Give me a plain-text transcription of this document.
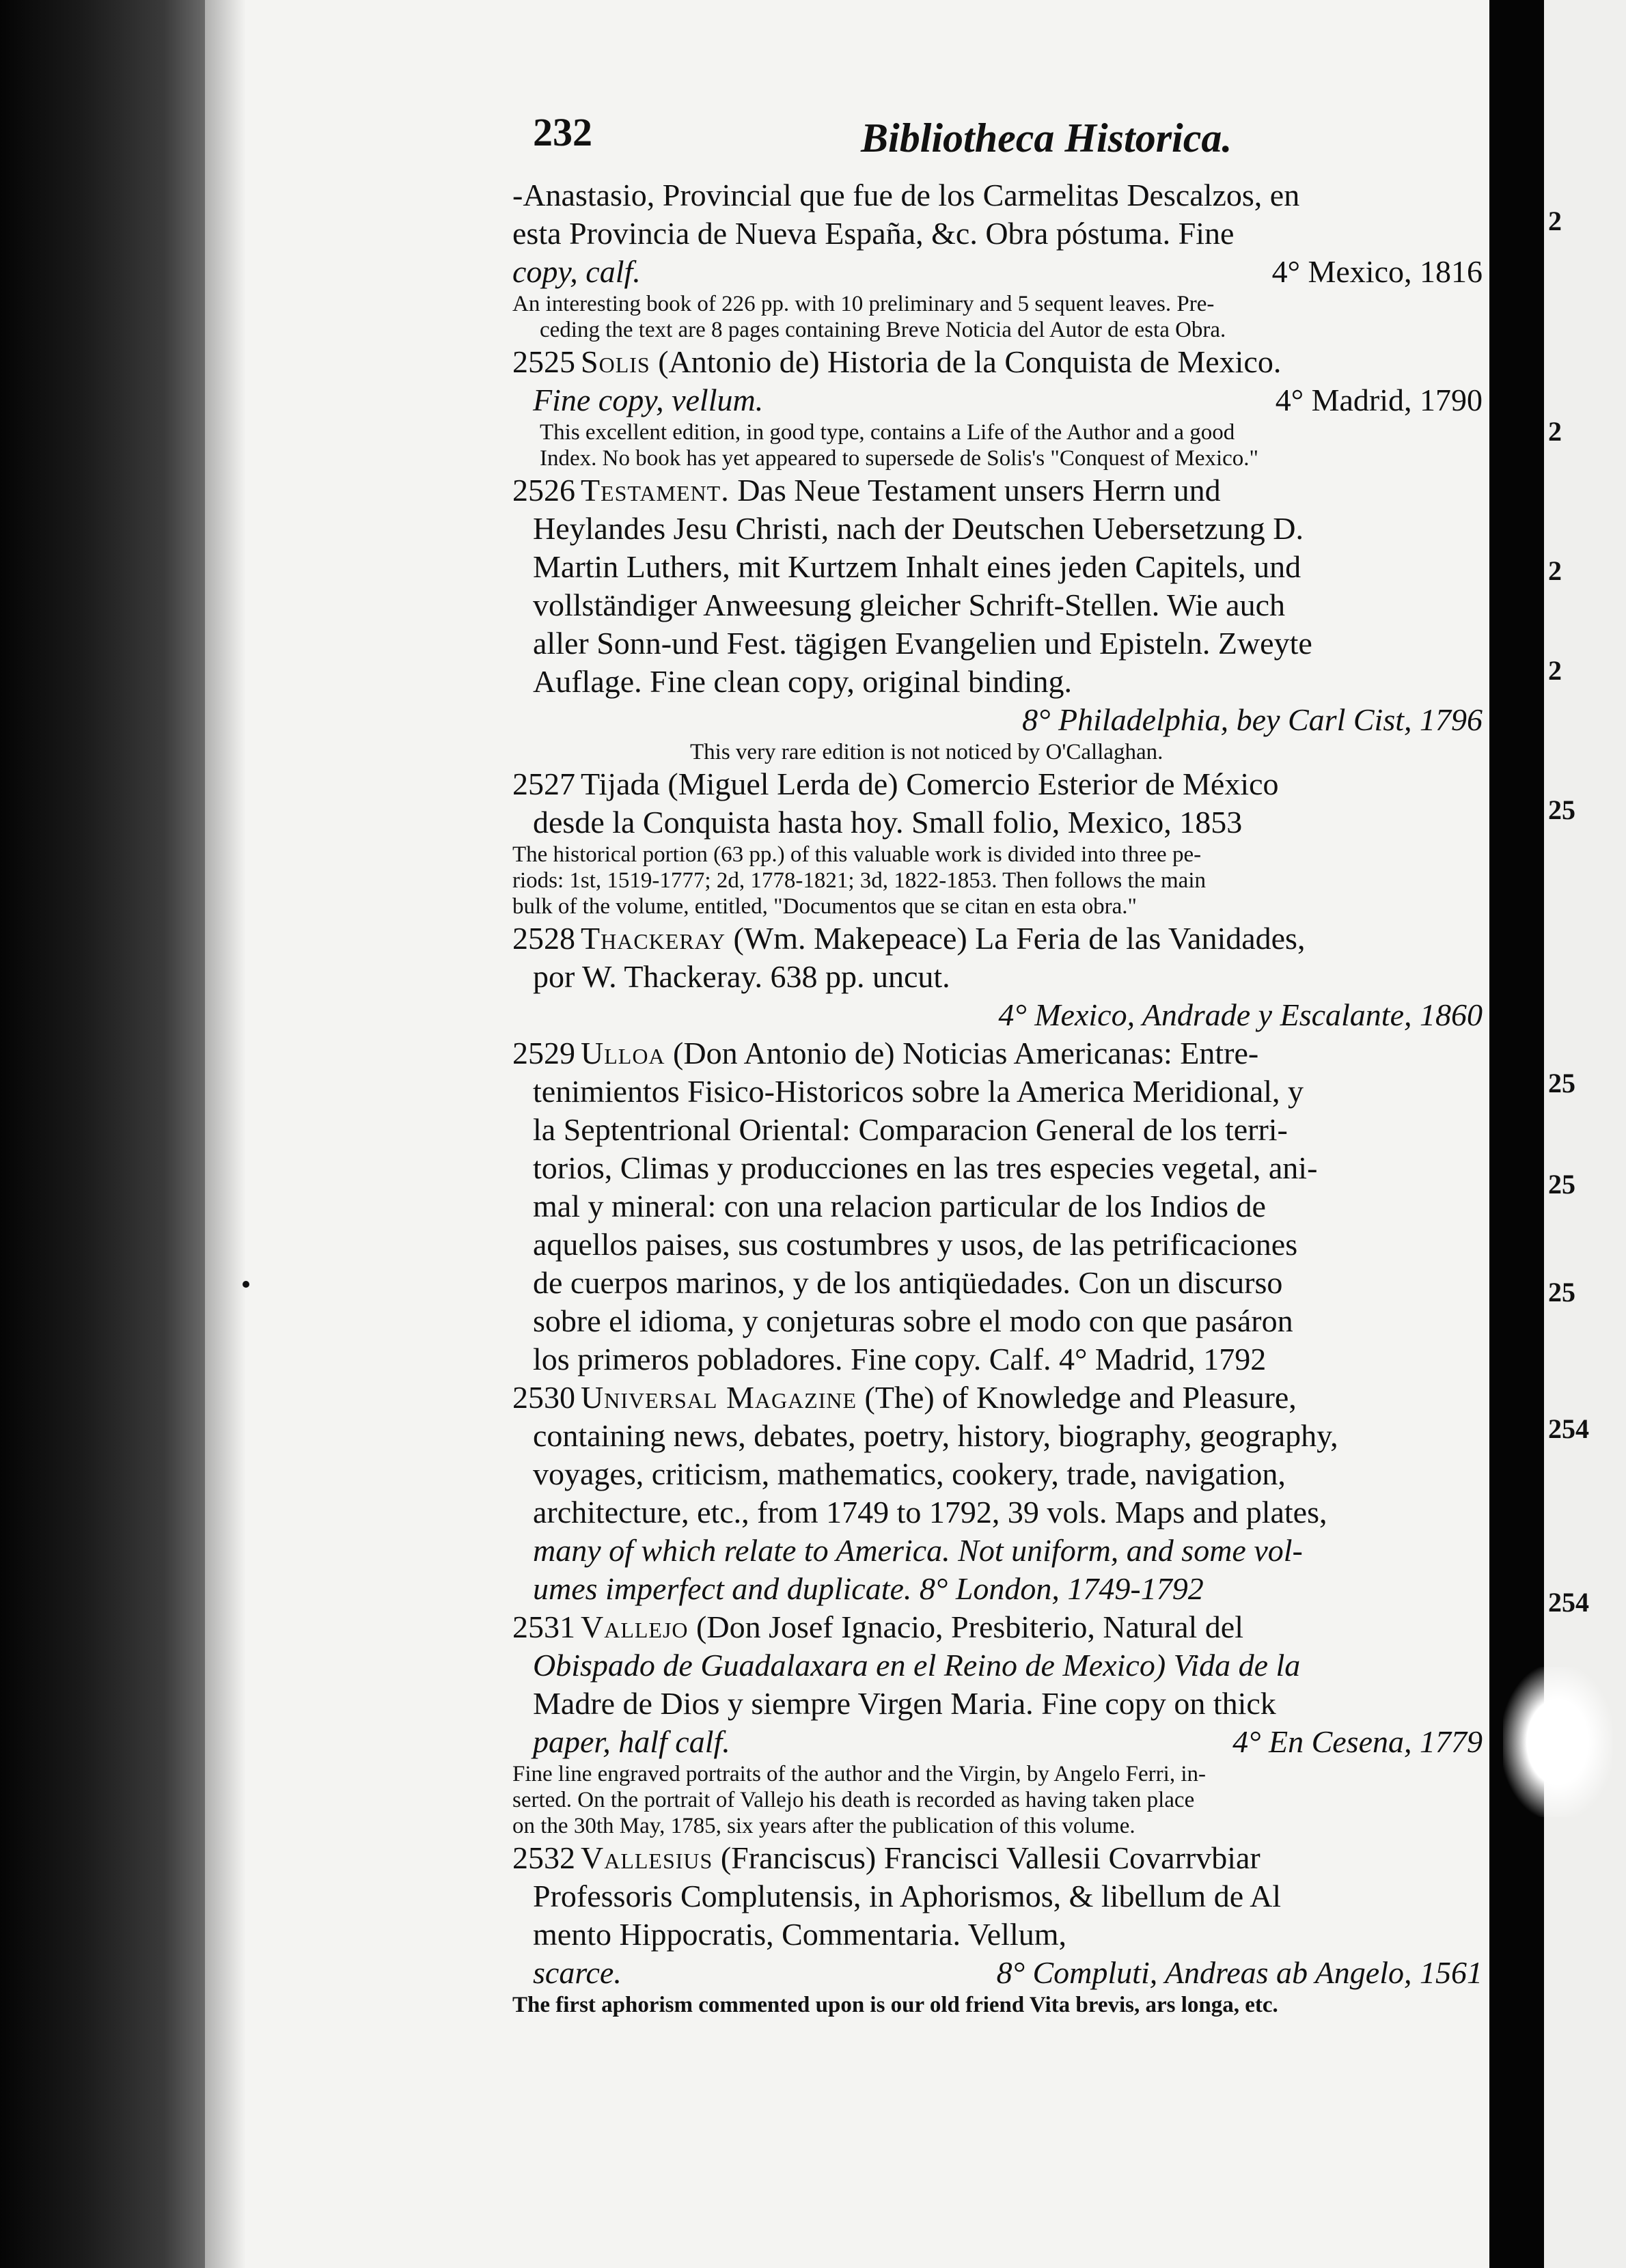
2
2
2
2
25
25
25
25
254
254
232	Bibliotheca Historica.
-Anastasio, Provincial que fue de los Carmelitas Descalzos, en
esta Provincia de Nueva España, &c. Obra póstuma. Fine
copy, calf.	4° Mexico, 1816
An interesting book of 226 pp. with 10 preliminary and 5 sequent leaves. Pre-
ceding the text are 8 pages containing Breve Noticia del Autor de esta Obra.
2525 Solis (Antonio de) Historia de la Conquista de Mexico.
Fine copy, vellum.	4° Madrid, 1790
This excellent edition, in good type, contains a Life of the Author and a good
Index. No book has yet appeared to supersede de Solis's "Conquest of Mexico."
2526 Testament. Das Neue Testament unsers Herrn und
Heylandes Jesu Christi, nach der Deutschen Uebersetzung D.
Martin Luthers, mit Kurtzem Inhalt eines jeden Capitels, und
vollständiger Anweesung gleicher Schrift-Stellen. Wie auch
aller Sonn-und Fest. tägigen Evangelien und Episteln. Zweyte
Auflage. Fine clean copy, original binding.
8° Philadelphia, bey Carl Cist, 1796
This very rare edition is not noticed by O'Callaghan.
2527 Tijada (Miguel Lerda de) Comercio Esterior de México
desde la Conquista hasta hoy. Small folio, Mexico, 1853
The historical portion (63 pp.) of this valuable work is divided into three pe-
riods: 1st, 1519-1777; 2d, 1778-1821; 3d, 1822-1853. Then follows the main
bulk of the volume, entitled, "Documentos que se citan en esta obra."
2528 Thackeray (Wm. Makepeace) La Feria de las Vanidades,
por W. Thackeray. 638 pp. uncut.
4° Mexico, Andrade y Escalante, 1860
2529 Ulloa (Don Antonio de) Noticias Americanas: Entre-
tenimientos Fisico-Historicos sobre la America Meridional, y
la Septentrional Oriental: Comparacion General de los terri-
torios, Climas y producciones en las tres especies vegetal, ani-
mal y mineral: con una relacion particular de los Indios de
aquellos paises, sus costumbres y usos, de las petrificaciones
de cuerpos marinos, y de los antiqüedades. Con un discurso
sobre el idioma, y conjeturas sobre el modo con que pasáron
los primeros pobladores. Fine copy. Calf. 4° Madrid, 1792
2530 Universal Magazine (The) of Knowledge and Pleasure,
containing news, debates, poetry, history, biography, geography,
voyages, criticism, mathematics, cookery, trade, navigation,
architecture, etc., from 1749 to 1792, 39 vols. Maps and plates,
many of which relate to America. Not uniform, and some vol-
umes imperfect and duplicate. 8° London, 1749-1792
2531 Vallejo (Don Josef Ignacio, Presbiterio, Natural del
Obispado de Guadalaxara en el Reino de Mexico) Vida de la
Madre de Dios y siempre Virgen Maria. Fine copy on thick
paper, half calf.	4° En Cesena, 1779
Fine line engraved portraits of the author and the Virgin, by Angelo Ferri, in-
serted. On the portrait of Vallejo his death is recorded as having taken place
on the 30th May, 1785, six years after the publication of this volume.
2532 Vallesius (Franciscus) Francisci Vallesii Covarrvbiar
Professoris Complutensis, in Aphorismos, & libellum de Al
mento Hippocratis, Commentaria. Vellum,
scarce.	8° Compluti, Andreas ab Angelo, 1561
The first aphorism commented upon is our old friend Vita brevis, ars longa, etc.
